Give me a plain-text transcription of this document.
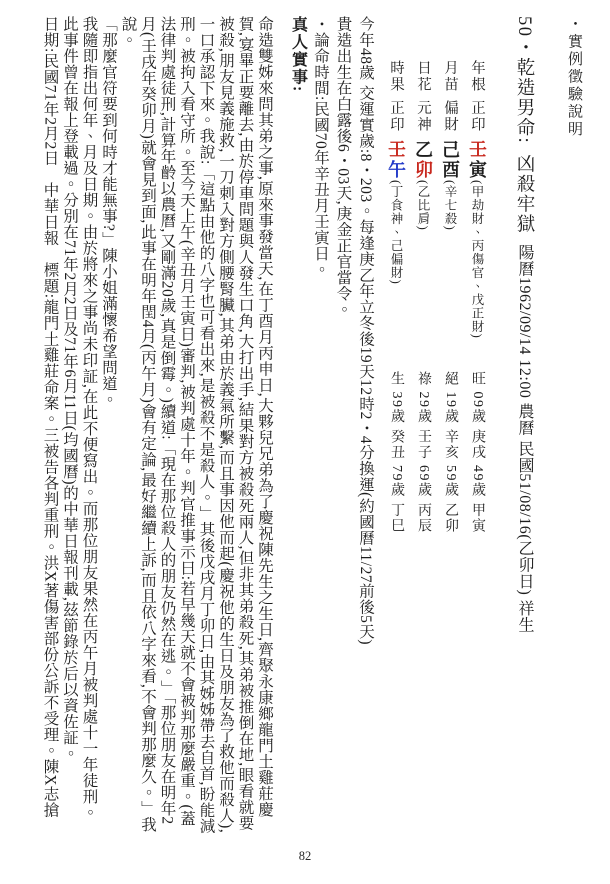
・實例徵驗說明
50・乾造男命:凶殺牢獄陽曆1962/09/14 12:00 農曆 民國51/08/16(乙卯日) 祥生
年根正印壬寅(甲劫財、丙傷官、戊正財)
旺 09歲 庚戌 49歲 甲寅
月苗偏財己酉(辛七殺)
絕 19歲 辛亥 59歲 乙卯
日花元神乙卯(乙比肩)
祿 29歲 壬子 69歲 丙辰
時果正印壬午(丁食神、己偏財)
生 39歲 癸丑 79歲 丁巳
今年48歲 交運實歲:8・203。每逢庚乙年立冬後19天12時2・4分換運(約國曆11/27前後5天)
貴造出生在白露後6・03天,庚金正官當令。
・論命時間:民國70年辛丑月壬寅日。
真人實事:

命造雙姊來問其弟之事,原來事發當天,在丁酉月丙申日,大夥兒兄弟為了慶祝陳先生之生日,齊聚永康鄉龍門土雞莊慶賀,宴畢正要離去,由於停車問題與人發生口角,大打出手,結果對方被殺死兩人,但非其弟殺死,其弟被推倒在地,眼看就要被殺,朋友見義施救,一刀刺入對方側腰腎臟,其弟由於義氣所繫,而且事因他而起(慶祝他的生日及朋友為了救他而殺人),一口承認下來。我說:「這點由他的八字也可看出來,是被殺不是殺人。」其後戊戌月丁卯日,由其姊姊帶去自首,盼能減刑。被拘入看守所。至今天上午(辛丑月壬寅日)審判,被判處十年。判官推事示曰:若早幾天就不會被判那麼嚴重。(蓋法律判處徒刑,計算年齡以農曆,又剛滿20歲,真是倒霉。)續道:「現在那位殺人的朋友仍然在逃。」「那位朋友在明年2月(壬戌年癸卯月)就會見到面,此事在明年閏4月(丙午月)會有定論,最好繼續上訴,而且依八字來看,不會判那麼久。」我說。

「那麼官符要到何時才能無事?」陳小姐滿懷希望問道。

我隨即指出何年、月及日期。由於將來之事尚未印証,在此不便寫出。而那位朋友果然在丙午月被判處十一年徒刑。此事件曾在報上登載過。分別在71年2月2日及71年6月11日(均國曆)的中華日報刊載,茲節錄於后以資佐証。

日期:民國71年2月2日　中華日報　標題:龍門土雞莊命案。三被告各判重刑。洪X著傷害部份公訴不受理。陳X志搶

82
